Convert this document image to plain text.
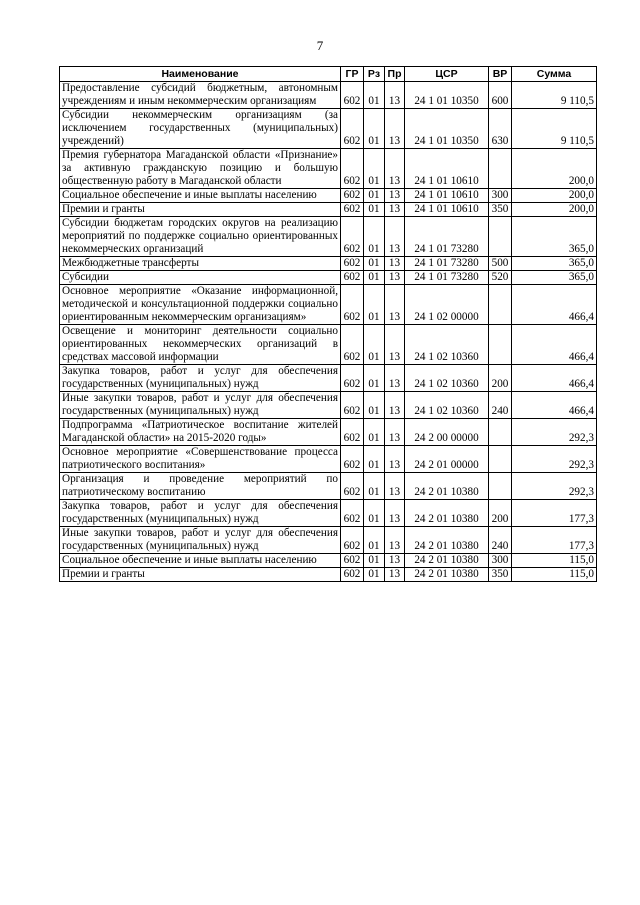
7
Наименование	ГР	Рз	Пр	ЦСР	ВР	Сумма
Предоставление субсидий бюджетным, автономным учреждениям и иным некоммерческим организациям	602	01	13	24 1 01 10350	600	9 110,5
Субсидии некоммерческим организациям (за исключением государственных (муниципальных) учреждений)	602	01	13	24 1 01 10350	630	9 110,5
Премия губернатора Магаданской области «Признание» за активную гражданскую позицию и большую общественную работу в Магаданской области	602	01	13	24 1 01 10610		200,0
Социальное обеспечение и иные выплаты населению	602	01	13	24 1 01 10610	300	200,0
Премии и гранты	602	01	13	24 1 01 10610	350	200,0
Субсидии бюджетам городских округов на реализацию мероприятий по поддержке социально ориентированных некоммерческих организаций	602	01	13	24 1 01 73280		365,0
Межбюджетные трансферты	602	01	13	24 1 01 73280	500	365,0
Субсидии	602	01	13	24 1 01 73280	520	365,0
Основное мероприятие «Оказание информационной, методической и консультационной поддержки социально ориентированным некоммерческим организациям»	602	01	13	24 1 02 00000		466,4
Освещение и мониторинг деятельности социально ориентированных некоммерческих организаций в средствах массовой информации	602	01	13	24 1 02 10360		466,4
Закупка товаров, работ и услуг для обеспечения государственных (муниципальных) нужд	602	01	13	24 1 02 10360	200	466,4
Иные закупки товаров, работ и услуг для обеспечения государственных (муниципальных) нужд	602	01	13	24 1 02 10360	240	466,4
Подпрограмма «Патриотическое воспитание жителей Магаданской области» на 2015-2020 годы»	602	01	13	24 2 00 00000		292,3
Основное мероприятие «Совершенствование процесса патриотического воспитания»	602	01	13	24 2 01 00000		292,3
Организация и проведение мероприятий по патриотическому воспитанию	602	01	13	24 2 01 10380		292,3
Закупка товаров, работ и услуг для обеспечения государственных (муниципальных) нужд	602	01	13	24 2 01 10380	200	177,3
Иные закупки товаров, работ и услуг для обеспечения государственных (муниципальных) нужд	602	01	13	24 2 01 10380	240	177,3
Социальное обеспечение и иные выплаты населению	602	01	13	24 2 01 10380	300	115,0
Премии и гранты	602	01	13	24 2 01 10380	350	115,0
